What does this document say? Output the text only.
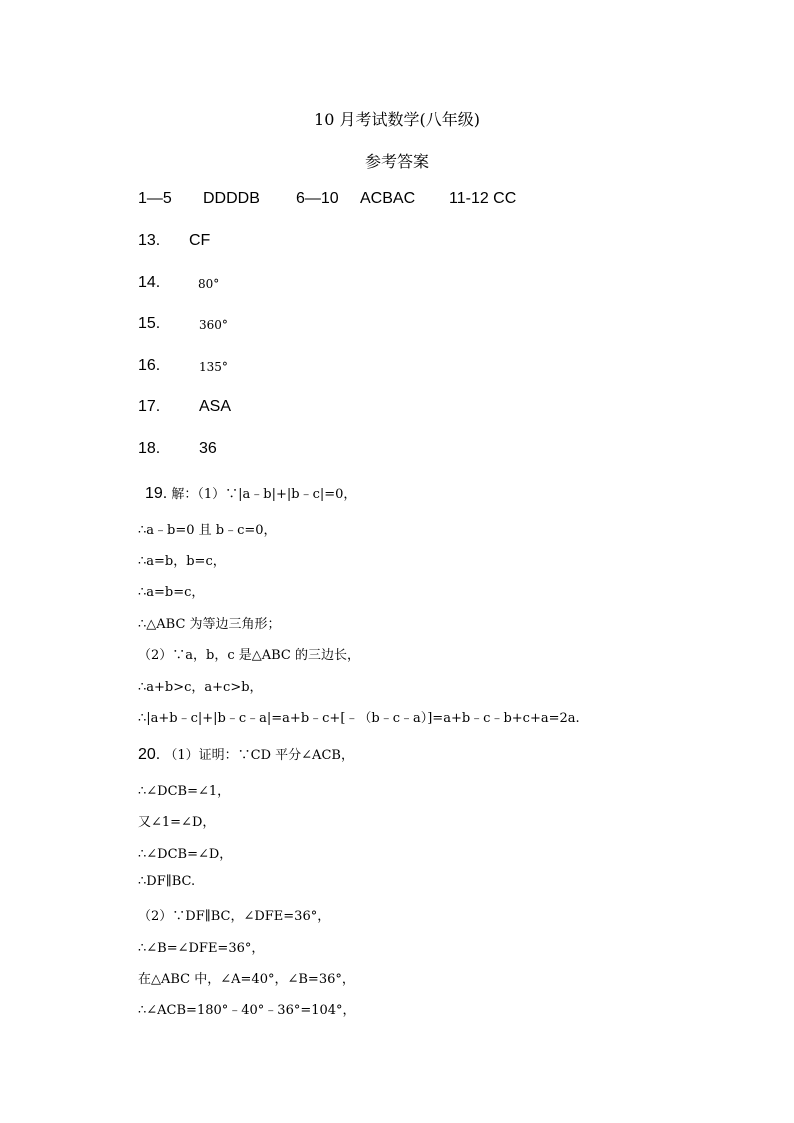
10 月考试数学(八年级)
参考答案
1—5 DDDDB 6—10 ACBAC 11-12 CC
13. CF
14.	80°
15.	360°
16.	135°
17. ASA
18. 36
19. 解：（1）∵|a﹣b|+|b﹣c|=0，
∴a﹣b=0 且 b﹣c=0，
∴a=b，b=c，
∴a=b=c，
∴△ABC 为等边三角形；
（2）∵a，b，c 是△ABC 的三边长，
∴a+b>c，a+c>b，
∴|a+b﹣c|+|b﹣c﹣a|=a+b﹣c+[﹣（b﹣c﹣a）]=a+b﹣c﹣b+c+a=2a.
20. （1）证明：∵CD 平分∠ACB，
∴∠DCB=∠1，
又∠1=∠D，
∴∠DCB=∠D，
∴DF∥BC.
（2）∵DF∥BC，∠DFE=36°，
∴∠B=∠DFE=36°，
在△ABC 中，∠A=40°，∠B=36°，
∴∠ACB=180°﹣40°﹣36°=104°，
